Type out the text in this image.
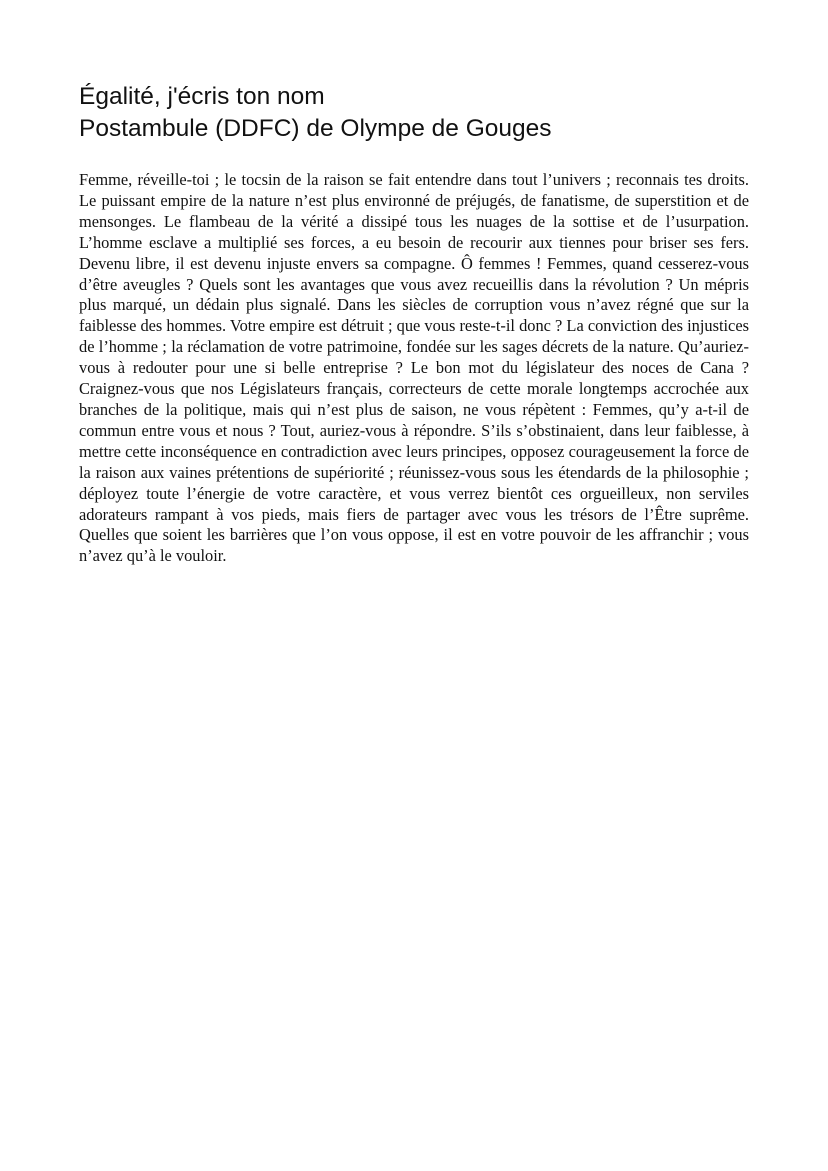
Égalité, j'écris ton nom
Postambule (DDFC) de Olympe de Gouges

Femme, réveille-toi ; le tocsin de la raison se fait entendre dans tout l’univers ; reconnais tes droits. Le puissant empire de la nature n’est plus environné de préjugés, de fanatisme, de superstition et de mensonges. Le flambeau de la vérité a dissipé tous les nuages de la sottise et de l’usurpation. L’homme esclave a multiplié ses forces, a eu besoin de recourir aux tiennes pour briser ses fers. Devenu libre, il est devenu injuste envers sa compagne. Ô femmes ! Femmes, quand cesserez-vous d’être aveugles ? Quels sont les avantages que vous avez recueillis dans la révolution ? Un mépris plus marqué, un dédain plus signalé. Dans les siècles de corruption vous n’avez régné que sur la faiblesse des hommes. Votre empire est détruit ; que vous reste-t-il donc ? La conviction des injustices de l’homme ; la réclamation de votre patrimoine, fondée sur les sages décrets de la nature. Qu’auriez-vous à redouter pour une si belle entreprise ? Le bon mot du législateur des noces de Cana ? Craignez-vous que nos Législateurs français, correcteurs de cette morale longtemps accrochée aux branches de la politique, mais qui n’est plus de saison, ne vous répètent : Femmes, qu’y a-t-il de commun entre vous et nous ? Tout, auriez-vous à répondre. S’ils s’obstinaient, dans leur faiblesse, à mettre cette inconséquence en contradiction avec leurs principes, opposez courageusement la force de la raison aux vaines prétentions de supériorité ; réunissez-vous sous les étendards de la philosophie ; déployez toute l’énergie de votre caractère, et vous verrez bientôt ces orgueilleux, non serviles adorateurs rampant à vos pieds, mais fiers de partager avec vous les trésors de l’Être suprême. Quelles que soient les barrières que l’on vous oppose, il est en votre pouvoir de les affranchir ; vous n’avez qu’à le vouloir.
